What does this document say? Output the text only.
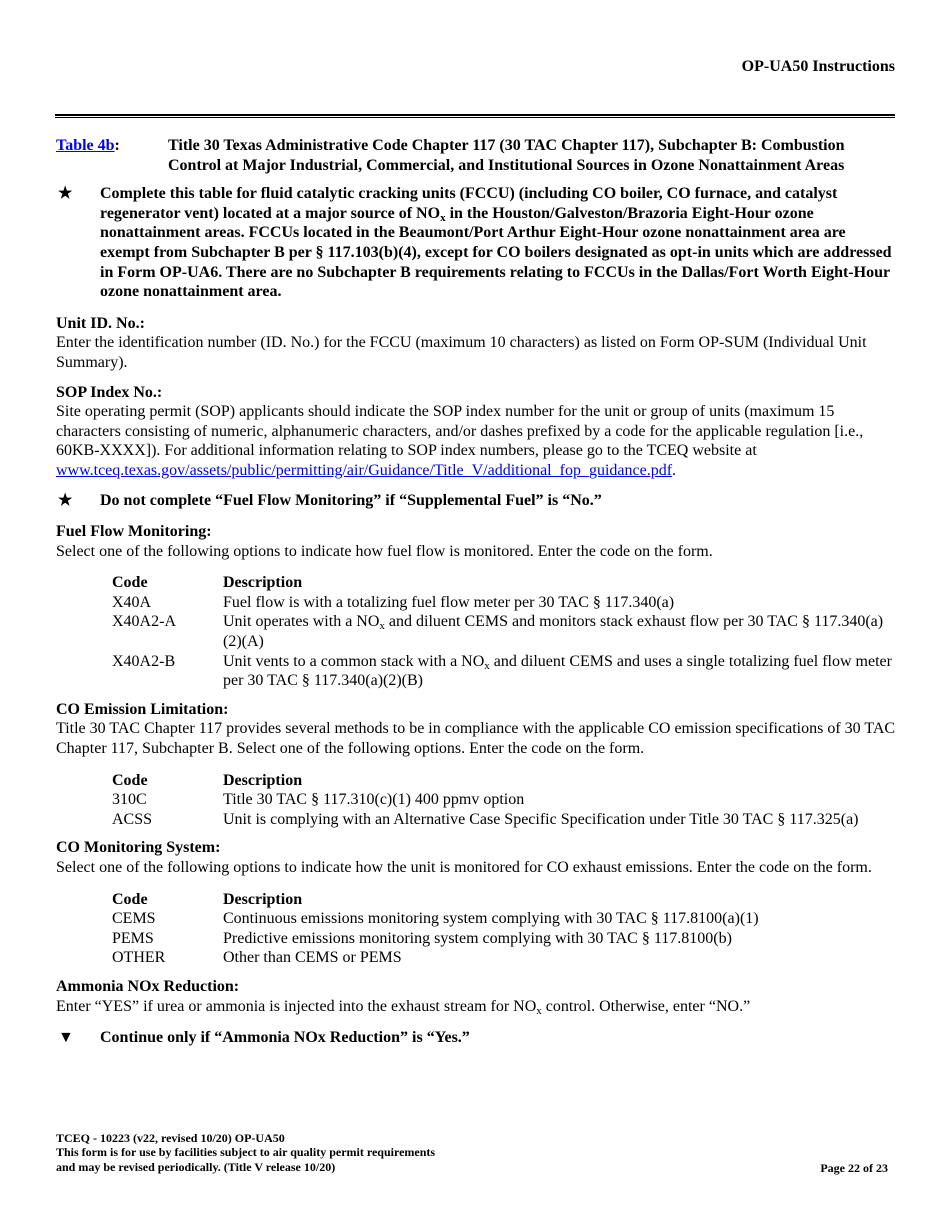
OP-UA50 Instructions
Table 4b:	Title 30 Texas Administrative Code Chapter 117 (30 TAC Chapter 117), Subchapter B: Combustion Control at Major Industrial, Commercial, and Institutional Sources in Ozone Nonattainment Areas
★	Complete this table for fluid catalytic cracking units (FCCU) (including CO boiler, CO furnace, and catalyst regenerator vent) located at a major source of $NO_x$ in the Houston/Galveston/Brazoria Eight-Hour ozone nonattainment areas. FCCUs located in the Beaumont/Port Arthur Eight-Hour ozone nonattainment area are exempt from Subchapter B per § 117.103(b)(4), except for CO boilers designated as opt-in units which are addressed in Form OP-UA6. There are no Subchapter B requirements relating to FCCUs in the Dallas/Fort Worth Eight-Hour ozone nonattainment area.
Unit ID. No.:
Enter the identification number (ID. No.) for the FCCU (maximum 10 characters) as listed on Form OP-SUM (Individual Unit Summary).
SOP Index No.:
Site operating permit (SOP) applicants should indicate the SOP index number for the unit or group of units (maximum 15 characters consisting of numeric, alphanumeric characters, and/or dashes prefixed by a code for the applicable regulation [i.e., 60KB-XXXX]). For additional information relating to SOP index numbers, please go to the TCEQ website at www.tceq.texas.gov/assets/public/permitting/air/Guidance/Title_V/additional_fop_guidance.pdf.
★	Do not complete “Fuel Flow Monitoring” if “Supplemental Fuel” is “No.”
Fuel Flow Monitoring:
Select one of the following options to indicate how fuel flow is monitored. Enter the code on the form.
Code	Description
X40A	Fuel flow is with a totalizing fuel flow meter per 30 TAC § 117.340(a)
X40A2-A	Unit operates with a $NO_x$ and diluent CEMS and monitors stack exhaust flow per 30 TAC § 117.340(a)(2)(A)
X40A2-B	Unit vents to a common stack with a $NO_x$ and diluent CEMS and uses a single totalizing fuel flow meter per 30 TAC § 117.340(a)(2)(B)
CO Emission Limitation:
Title 30 TAC Chapter 117 provides several methods to be in compliance with the applicable CO emission specifications of 30 TAC Chapter 117, Subchapter B. Select one of the following options. Enter the code on the form.
Code	Description
310C	Title 30 TAC § 117.310(c)(1) 400 ppmv option
ACSS	Unit is complying with an Alternative Case Specific Specification under Title 30 TAC § 117.325(a)
CO Monitoring System:
Select one of the following options to indicate how the unit is monitored for CO exhaust emissions. Enter the code on the form.
Code	Description
CEMS	Continuous emissions monitoring system complying with 30 TAC § 117.8100(a)(1)
PEMS	Predictive emissions monitoring system complying with 30 TAC § 117.8100(b)
OTHER	Other than CEMS or PEMS
Ammonia NOx Reduction:
Enter “YES” if urea or ammonia is injected into the exhaust stream for $NO_x$ control. Otherwise, enter “NO.”
▼	Continue only if “Ammonia NOx Reduction” is “Yes.”
TCEQ - 10223 (v22, revised 10/20) OP-UA50
This form is for use by facilities subject to air quality permit requirements
and may be revised periodically. (Title V release 10/20)	Page 22 of 23
